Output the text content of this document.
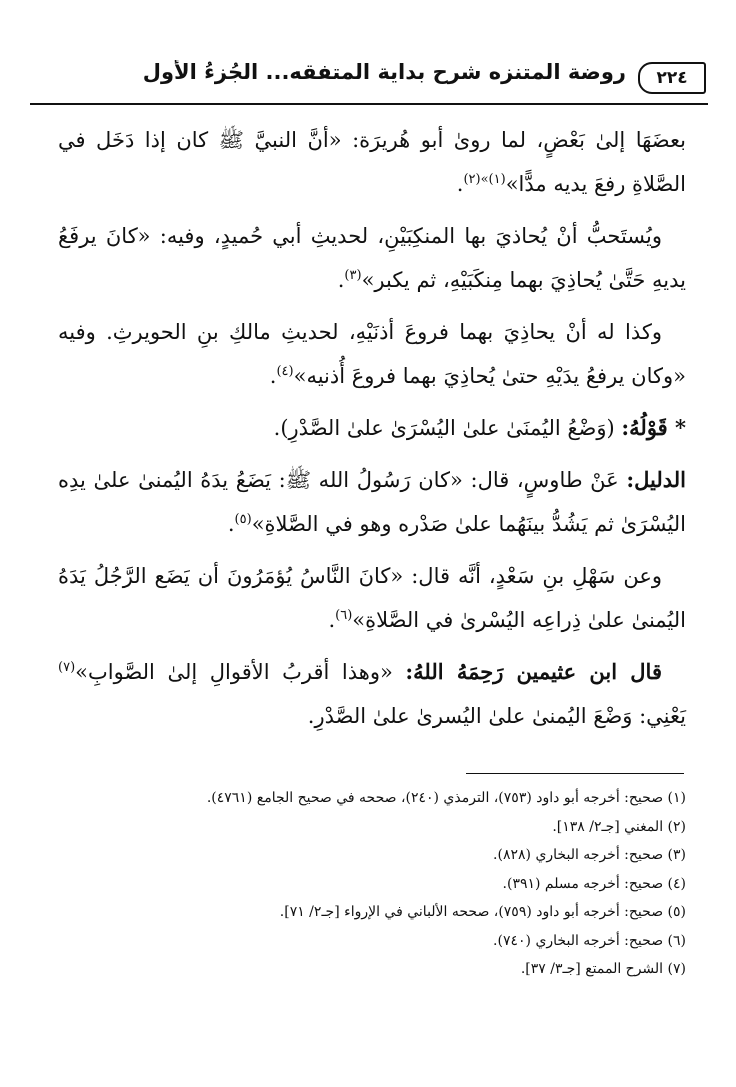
٢٢٤
روضة المتنزه شرح بداية المتفقه... الجُزءُ الأول

بعضَهَا إلىٰ بَعْضٍ، لما روىٰ أبو هُريرَة: «أنَّ النبيَّ ﷺ كان إذا دَخَل في الصَّلاةِ رفعَ يديه مدًّا»$^{(١)»(٢)}$.

ويُستَحبُّ أنْ يُحاذيَ بها المنكِبَيْنِ، لحديثِ أبي حُميدٍ، وفيه: «كانَ يرفَعُ يديهِ حَتَّىٰ يُحاذِيَ بهما مِنكَبَيْهِ، ثم يكبر»$^{(٣)}$.

وكذا له أنْ يحاذِيَ بهما فروعَ أذنَيْهِ، لحديثِ مالكِ بنِ الحويرثِ. وفيه «وكان يرفعُ يدَيْهِ حتىٰ يُحاذِيَ بهما فروعَ أُذنيه»$^{(٤)}$.

* قَوْلُهُ: (وَضْعُ اليُمنَىٰ علىٰ اليُسْرَىٰ علىٰ الصَّدْرِ).

الدليل: عَنْ طاوسٍ، قال: «كان رَسُولُ الله ﷺ: يَضَعُ يدَهُ اليُمنىٰ علىٰ يدِه اليُسْرَىٰ ثم يَشُدُّ بينَهُما علىٰ صَدْره وهو في الصَّلاةِ»$^{(٥)}$.

وعن سَهْلِ بنِ سَعْدٍ، أنَّه قال: «كانَ النَّاسُ يُؤمَرُونَ أن يَضَع الرَّجُلُ يَدَهُ اليُمنىٰ علىٰ ذِراعِه اليُسْرىٰ في الصَّلاةِ»$^{(٦)}$.

قال ابن عثيمين رَحِمَهُ اللهُ: «وهذا أقربُ الأقوالِ إلىٰ الصَّوابِ»$^{(٧)}$ يَعْنِي: وَضْعَ اليُمنىٰ علىٰ اليُسرىٰ علىٰ الصَّدْرِ.

(١) صحيح: أخرجه أبو داود (٧٥٣)، الترمذي (٢٤٠)، صححه في صحيح الجامع (٤٧٦١).

(٢) المغني [جـ٢/ ١٣٨].

(٣) صحيح: أخرجه البخاري (٨٢٨).

(٤) صحيح: أخرجه مسلم (٣٩١).

(٥) صحيح: أخرجه أبو داود (٧٥٩)، صححه الألباني في الإرواء [جـ٢/ ٧١].

(٦) صحيح: أخرجه البخاري (٧٤٠).

(٧) الشرح الممتع [جـ٣/ ٣٧].
